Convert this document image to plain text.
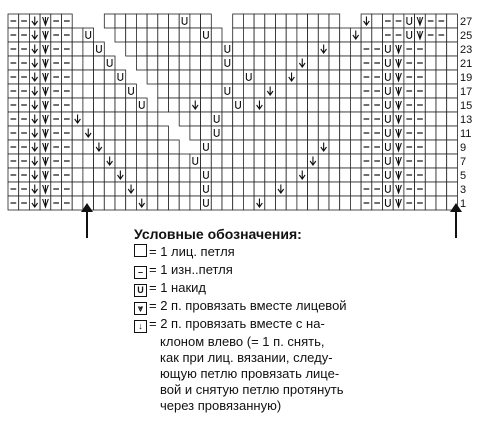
27
25
23
21
19
17
15
13
11
9
7
5
3
1
Условные обозначения:
= 1 лиц. петля
– = 1 изн..петля
U = 1 накид
⩔ = 2 п. провязать вместе лицевой
↓ = 2 п. провязать вместе с на-
клоном влево (= 1 п. снять,
как при лиц. вязании, следу-
ющую петлю провязать лице-
вой и снятую петлю протянуть
через провязанную)
